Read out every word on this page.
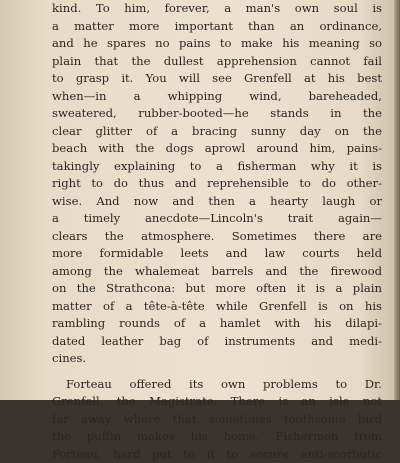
kind. To him, forever, a man's own soul is
a matter more important than an ordinance,
and he spares no pains to make his meaning so
plain that the dullest apprehension cannot fail
to grasp it. You will see Grenfell at his best
when—in a whipping wind, bareheaded,
sweatered, rubber-booted—he stands in the
clear glitter of a bracing sunny day on the
beach with the dogs aprowl around him, pains-
takingly explaining to a fisherman why it is
right to do thus and reprehensible to do other-
wise. And now and then a hearty laugh or
a timely anecdote—Lincoln's trait again—
clears the atmosphere. Sometimes there are
more formidable leets and law courts held
among the whalemeat barrels and the firewood
on the Strathcona: but more often it is a plain
matter of a tête-à-tête while Grenfell is on his
rambling rounds of a hamlet with his dilapi-
dated leather bag of instruments and medi-
cines.
Forteau offered its own problems to Dr.
Grenfell, the Magistrate. There is an isle not
far away where that sometimes toothsome bird
the puffin makes his home. Fishermen from
Forteau, hard put to it to secure anti-scorbutic
